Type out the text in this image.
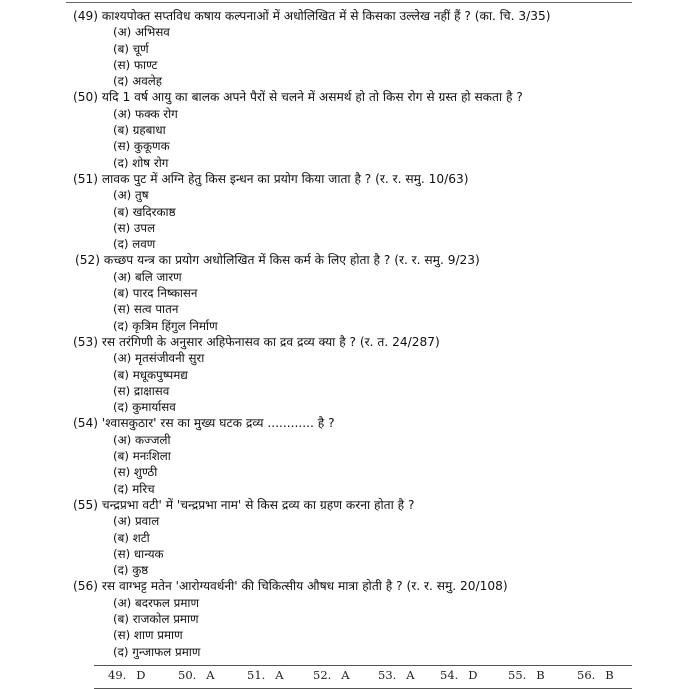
(49) काश्यपोक्त सप्तविध कषाय कल्पनाओं में अधोलिखित में से किसका उल्लेख नहीं हैं ? (का. चि. 3/35)
(अ) अभिसव
(ब) चूर्ण
(स) फाण्ट
(द) अवलेह
(50) यदि 1 वर्ष आयु का बालक अपने पैरों से चलने में असमर्थ हो तो किस रोग से ग्रस्त हो सकता है ?
(अ) फक्क रोग
(ब) ग्रहबाधा
(स) कुकूणक
(द) शोष रोग
(51) लावक पुट में अग्नि हेतु किस इन्धन का प्रयोग किया जाता है ? (र. र. समु. 10/63)
(अ) तुष
(ब) खदिरकाष्ठ
(स) उपल
(द) लवण
(52) कच्छप यन्त्र का प्रयोग अधोलिखित में किस कर्म के लिए होता है ? (र. र. समु. 9/23)
(अ) बलि जारण
(ब) पारद निष्कासन
(स) सत्व पातन
(द) कृत्रिम हिंगुल निर्माण
(53) रस तरंगिणी के अनुसार अहिफेनासव का द्रव द्रव्य क्या है ? (र. त. 24/287)
(अ) मृतसंजीवनी सुरा
(ब) मधूकपुष्पमद्य
(स) द्राक्षासव
(द) कुमार्यासव
(54) 'श्वासकुठार' रस का मुख्य घटक द्रव्य ............ है ?
(अ) कज्जली
(ब) मनःशिला
(स) शुण्ठी
(द) मरिच
(55) चन्द्रप्रभा वटी' में 'चन्द्रप्रभा नाम' से किस द्रव्य का ग्रहण करना होता है ?
(अ) प्रवाल
(ब) शटी
(स) धान्यक
(द) कुष्ठ
(56) रस वाग्भट्ट मतेन 'आरोग्यवर्धनी' की चिकित्सीय औषध मात्रा होती है ? (र. र. समु. 20/108)
(अ) बदरफल प्रमाण
(ब) राजकोल प्रमाण
(स) शाण प्रमाण
(द) गुन्जाफल प्रमाण
49. D	50. A	51. A	52. A 53. A 54. D	55. B	56. B
